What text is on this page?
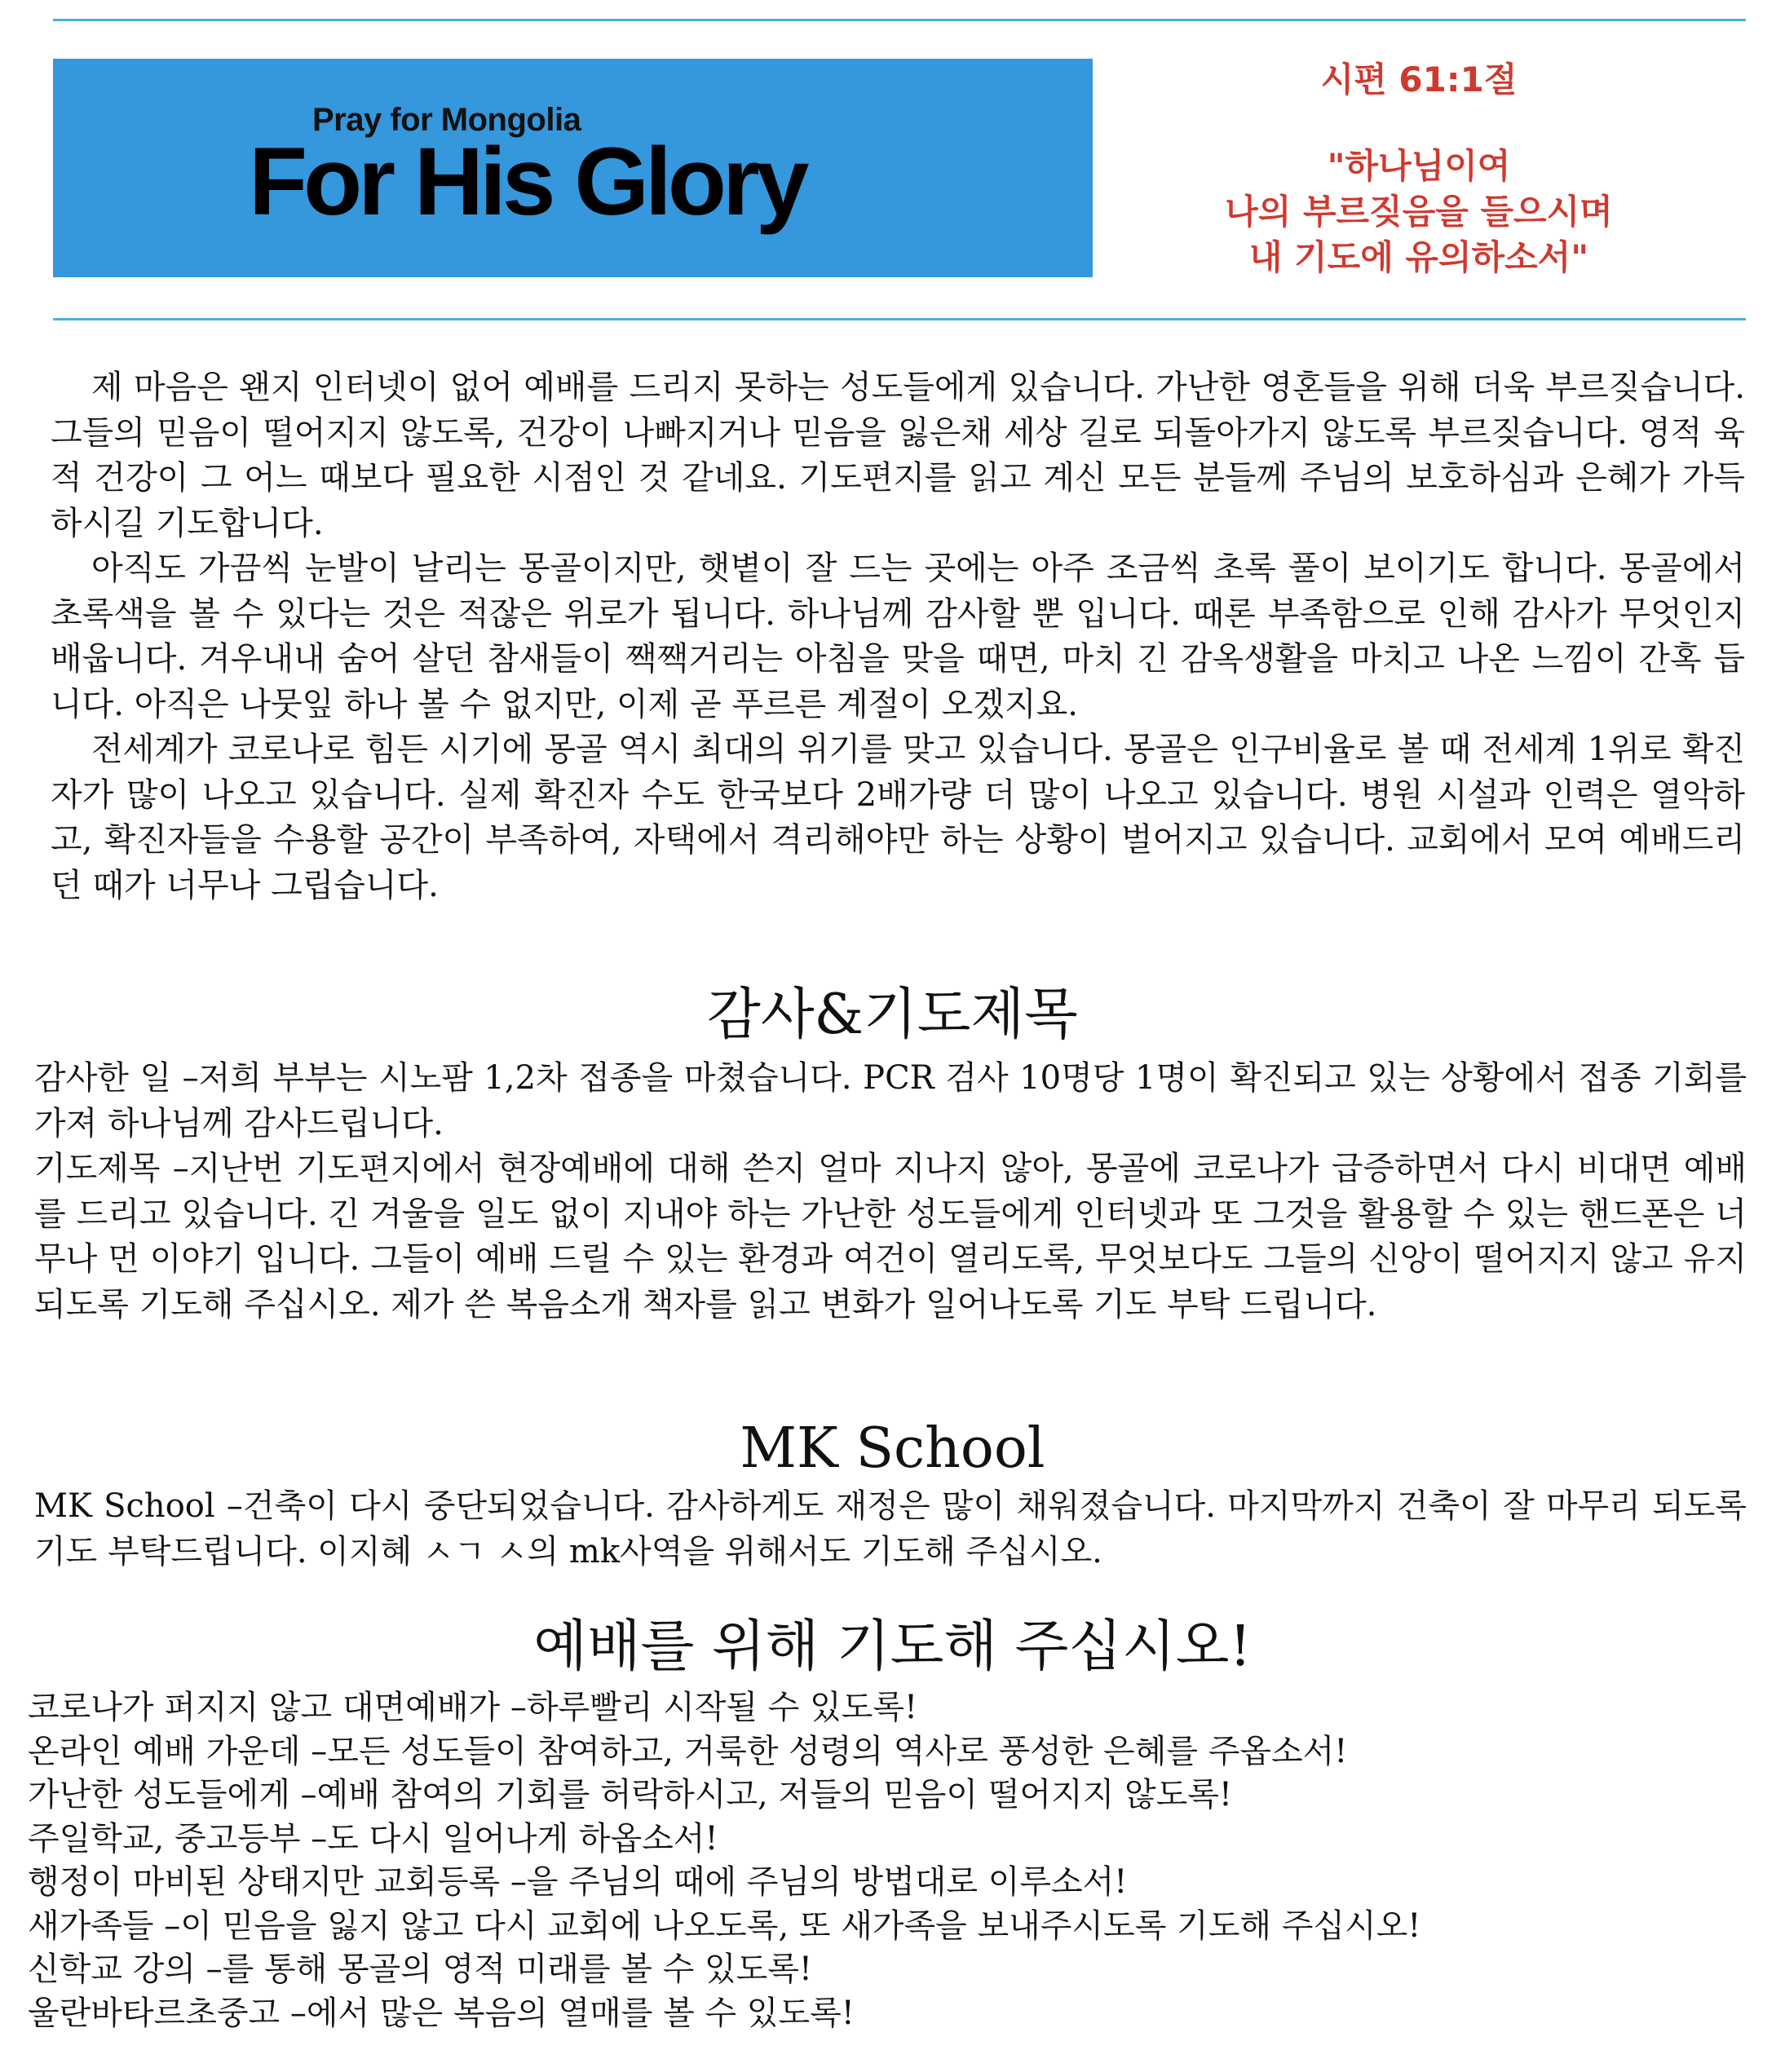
Pray for Mongolia
For His Glory
시편 61:1절
"하나님이여
나의 부르짖음을 들으시며
내 기도에 유의하소서"

제 마음은 왠지 인터넷이 없어 예배를 드리지 못하는 성도들에게 있습니다. 가난한 영혼들을 위해 더욱 부르짖습니다. 그들의 믿음이 떨어지지 않도록, 건강이 나빠지거나 믿음을 잃은채 세상 길로 되돌아가지 않도록 부르짖습니다. 영적 육적 건강이 그 어느 때보다 필요한 시점인 것 같네요. 기도편지를 읽고 계신 모든 분들께 주님의 보호하심과 은혜가 가득하시길 기도합니다.

아직도 가끔씩 눈발이 날리는 몽골이지만, 햇볕이 잘 드는 곳에는 아주 조금씩 초록 풀이 보이기도 합니다. 몽골에서 초록색을 볼 수 있다는 것은 적잖은 위로가 됩니다. 하나님께 감사할 뿐 입니다. 때론 부족함으로 인해 감사가 무엇인지 배웁니다. 겨우내내 숨어 살던 참새들이 짹짹거리는 아침을 맞을 때면, 마치 긴 감옥생활을 마치고 나온 느낌이 간혹 듭니다. 아직은 나뭇잎 하나 볼 수 없지만, 이제 곧 푸르른 계절이 오겠지요.

전세계가 코로나로 힘든 시기에 몽골 역시 최대의 위기를 맞고 있습니다. 몽골은 인구비율로 볼 때 전세계 1위로 확진자가 많이 나오고 있습니다. 실제 확진자 수도 한국보다 2배가량 더 많이 나오고 있습니다. 병원 시설과 인력은 열악하고, 확진자들을 수용할 공간이 부족하여, 자택에서 격리해야만 하는 상황이 벌어지고 있습니다. 교회에서 모여 예배드리던 때가 너무나 그립습니다.

감사&기도제목

감사한 일 –저희 부부는 시노팜 1,2차 접종을 마쳤습니다. PCR 검사 10명당 1명이 확진되고 있는 상황에서 접종 기회를 가져 하나님께 감사드립니다.

기도제목 –지난번 기도편지에서 현장예배에 대해 쓴지 얼마 지나지 않아, 몽골에 코로나가 급증하면서 다시 비대면 예배를 드리고 있습니다. 긴 겨울을 일도 없이 지내야 하는 가난한 성도들에게 인터넷과 또 그것을 활용할 수 있는 핸드폰은 너무나 먼 이야기 입니다. 그들이 예배 드릴 수 있는 환경과 여건이 열리도록, 무엇보다도 그들의 신앙이 떨어지지 않고 유지되도록 기도해 주십시오. 제가 쓴 복음소개 책자를 읽고 변화가 일어나도록 기도 부탁 드립니다.

MK School

MK School –건축이 다시 중단되었습니다. 감사하게도 재정은 많이 채워졌습니다. 마지막까지 건축이 잘 마무리 되도록 기도 부탁드립니다. 이지혜 ㅅㄱ ㅅ의 mk사역을 위해서도 기도해 주십시오.

예배를 위해 기도해 주십시오!
코로나가 퍼지지 않고 대면예배가 –하루빨리 시작될 수 있도록!
온라인 예배 가운데 –모든 성도들이 참여하고, 거룩한 성령의 역사로 풍성한 은혜를 주옵소서!
가난한 성도들에게 –예배 참여의 기회를 허락하시고, 저들의 믿음이 떨어지지 않도록!
주일학교, 중고등부 –도 다시 일어나게 하옵소서!
행정이 마비된 상태지만 교회등록 –을 주님의 때에 주님의 방법대로 이루소서!
새가족들 –이 믿음을 잃지 않고 다시 교회에 나오도록, 또 새가족을 보내주시도록 기도해 주십시오!
신학교 강의 –를 통해 몽골의 영적 미래를 볼 수 있도록!
울란바타르초중고 –에서 많은 복음의 열매를 볼 수 있도록!
